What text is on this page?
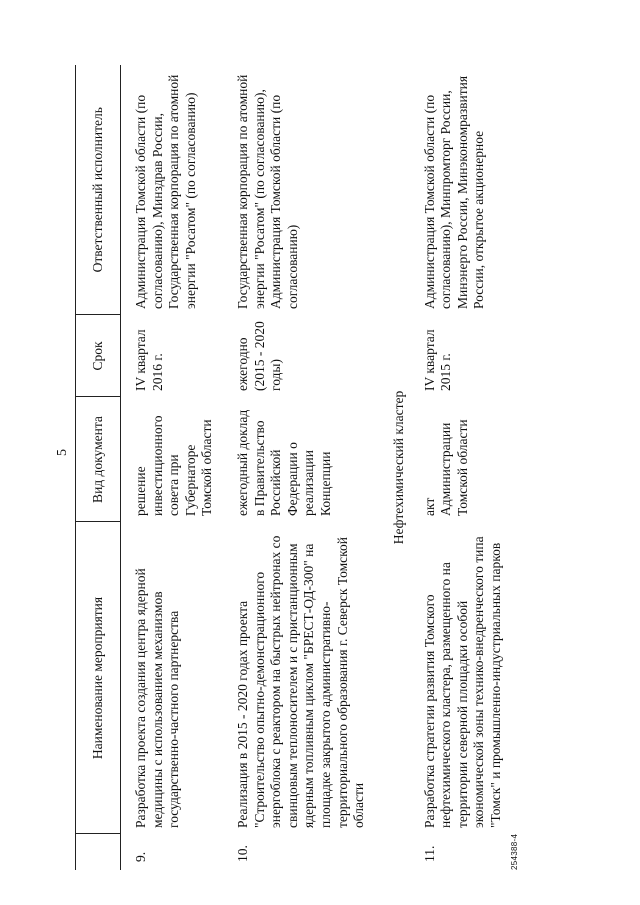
5
	Наименование мероприятия	Вид документа	Срок	Ответственный исполнитель
9.	Разработка проекта создания центра ядерной медицины с использованием механизмов государственно-частного партнерства	решение инвестиционного совета при Губернаторе Томской области	IV квартал 2016 г.	Администрация Томской области (по согласованию), Минздрав России, Государственная корпорация по атомной энергии "Росатом" (по согласованию)
10.	Реализация в 2015 - 2020 годах проекта "Строительство опытно-демонстрационного энергоблока с реактором на быстрых нейтронах со свинцовым теплоносителем и с пристанционным ядерным топливным циклом "БРЕСТ-ОД-300" на площадке закрытого административно-территориального образования г. Северск Томской области	ежегодный доклад в Правительство Российской Федерации о реализации Концепции	ежегодно (2015 - 2020 годы)	Государственная корпорация по атомной энергии "Росатом" (по согласованию), Администрация Томской области (по согласованию)
Нефтехимический кластер				
11.	Разработка стратегии развития Томского нефтехимического кластера, размещенного на территории северной площадки особой экономической зоны технико-внедренческого типа "Томск" и промышленно-индустриальных парков	акт Администрации Томской области	IV квартал 2015 г.	Администрация Томской области (по согласованию), Минпромторг России, Минэнерго России, Минэкономразвития России, открытое акционерное
254388-4
